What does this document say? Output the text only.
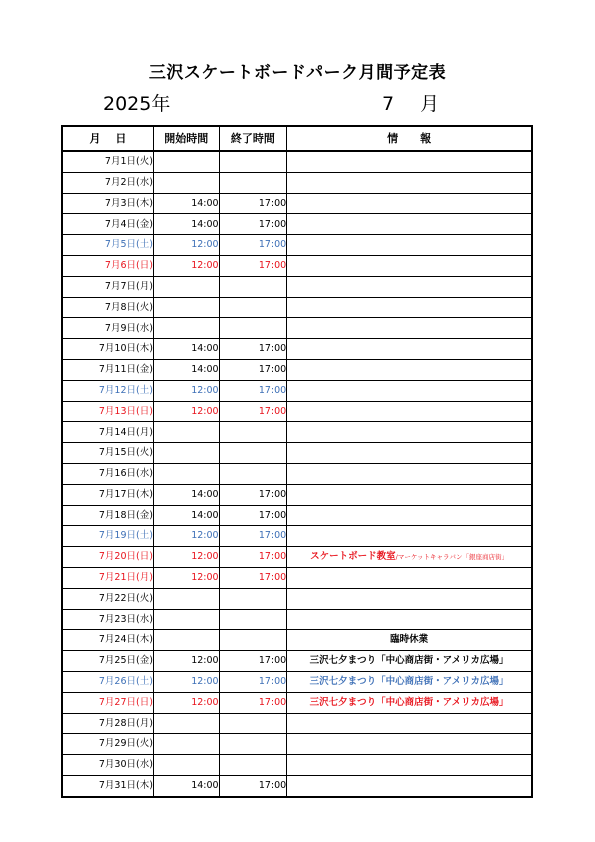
三沢スケートボードパーク月間予定表
2025年	7 月
月　 日	開始時間	終了時間	情　　報
7月1日(火)			
7月2日(水)			
7月3日(木)	14:00	17:00	
7月4日(金)	14:00	17:00	
7月5日(土)	12:00	17:00	
7月6日(日)	12:00	17:00	
7月7日(月)			
7月8日(火)			
7月9日(水)			
7月10日(木)	14:00	17:00	
7月11日(金)	14:00	17:00	
7月12日(土)	12:00	17:00	
7月13日(日)	12:00	17:00	
7月14日(月)			
7月15日(火)			
7月16日(水)			
7月17日(木)	14:00	17:00	
7月18日(金)	14:00	17:00	
7月19日(土)	12:00	17:00	
7月20日(日)	12:00	17:00	スケートボード教室/マーケットキャラバン「銀座商店街」
7月21日(月)	12:00	17:00	
7月22日(火)			
7月23日(水)			
7月24日(木)			臨時休業
7月25日(金)	12:00	17:00	三沢七夕まつり「中心商店街・アメリカ広場」
7月26日(土)	12:00	17:00	三沢七夕まつり「中心商店街・アメリカ広場」
7月27日(日)	12:00	17:00	三沢七夕まつり「中心商店街・アメリカ広場」
7月28日(月)			
7月29日(火)			
7月30日(水)			
7月31日(木)	14:00	17:00	
